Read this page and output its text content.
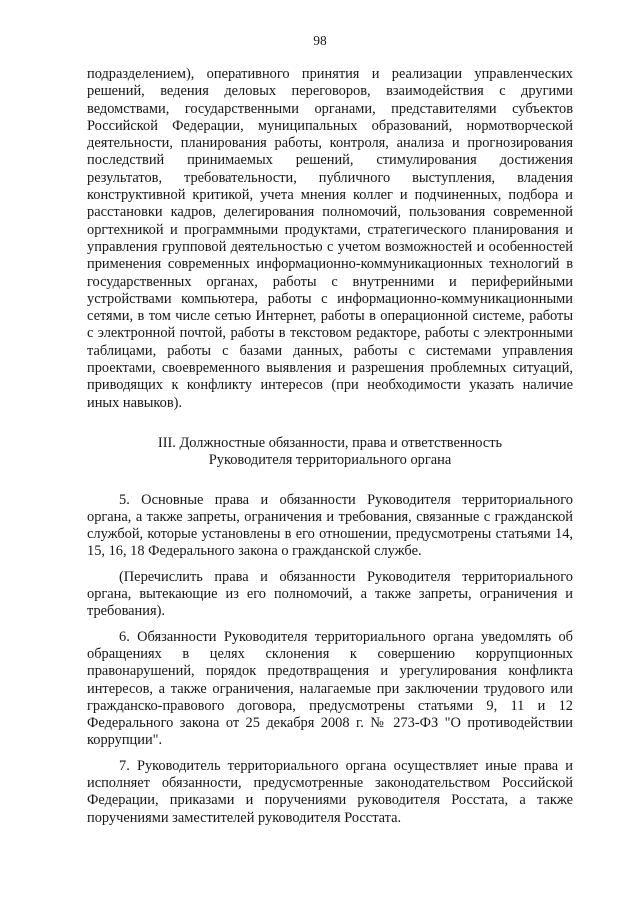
98

подразделением), оперативного принятия и реализации управленческих решений, ведения деловых переговоров, взаимодействия с другими ведомствами, государственными органами, представителями субъектов Российской Федерации, муниципальных образований, нормотворческой деятельности, планирования работы, контроля, анализа и прогнозирования последствий принимаемых решений, стимулирования достижения результатов, требовательности, публичного выступления, владения конструктивной критикой, учета мнения коллег и подчиненных, подбора и расстановки кадров, делегирования полномочий, пользования современной оргтехникой и программными продуктами, стратегического планирования и управления групповой деятельностью с учетом возможностей и особенностей применения современных информационно-коммуникационных технологий в государственных органах, работы с внутренними и периферийными устройствами компьютера, работы с информационно-коммуникационными сетями, в том числе сетью Интернет, работы в операционной системе, работы с электронной почтой, работы в текстовом редакторе, работы с электронными таблицами, работы с базами данных, работы с системами управления проектами, своевременного выявления и разрешения проблемных ситуаций, приводящих к конфликту интересов (при необходимости указать наличие иных навыков).

III. Должностные обязанности, права и ответственность
Руководителя территориального органа

5. Основные права и обязанности Руководителя территориального органа, а также запреты, ограничения и требования, связанные с гражданской службой, которые установлены в его отношении, предусмотрены статьями 14, 15, 16, 18 Федерального закона о гражданской службе.

(Перечислить права и обязанности Руководителя территориального органа, вытекающие из его полномочий, а также запреты, ограничения и требования).

6. Обязанности Руководителя территориального органа уведомлять об обращениях в целях склонения к совершению коррупционных правонарушений, порядок предотвращения и урегулирования конфликта интересов, а также ограничения, налагаемые при заключении трудового или гражданско-правового договора, предусмотрены статьями 9, 11 и 12 Федерального закона от 25 декабря 2008 г. № 273-ФЗ "О противодействии коррупции".

7. Руководитель территориального органа осуществляет иные права и исполняет обязанности, предусмотренные законодательством Российской Федерации, приказами и поручениями руководителя Росстата, а также поручениями заместителей руководителя Росстата.
